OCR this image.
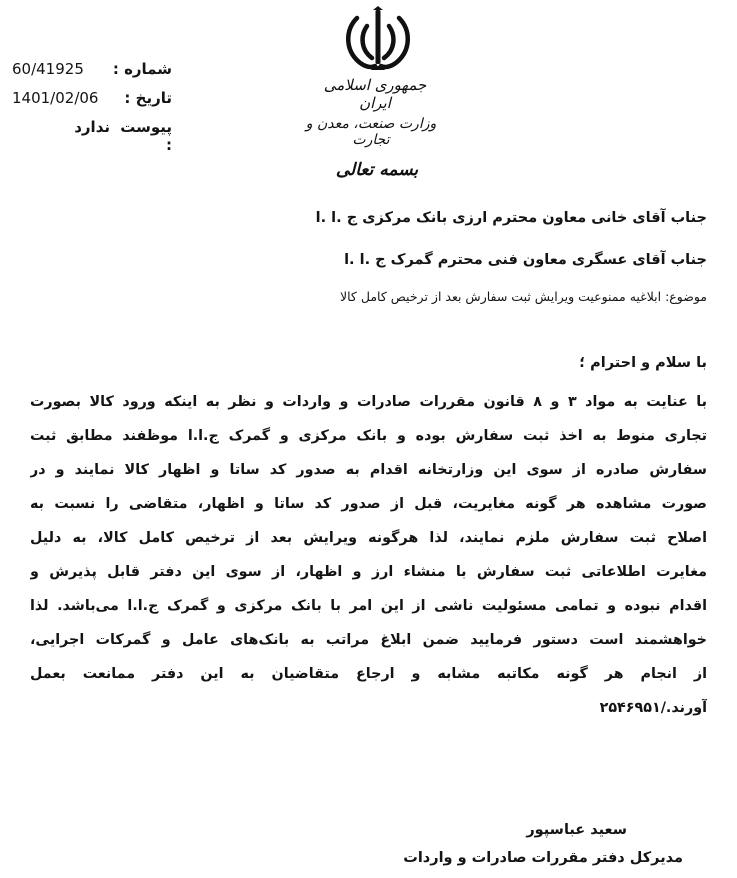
شماره :
60/41925
تاریخ :
1401/02/06
پیوست :
ندارد
جمهوری اسلامی ایران
وزارت صنعت، معدن و تجارت
بسمه تعالی
جناب آقای خانی معاون محترم ارزی بانک مرکزی ج .ا .ا
جناب آقای عسگری معاون فنی محترم گمرک ج .ا .ا
موضوع: ابلاغیه ممنوعیت ویرایش ثبت سفارش بعد از ترخیص کامل کالا
با سلام و احترام ؛
با عنایت به مواد ۳ و ۸ قانون مقررات صادرات و واردات و نظر به اینکه ورود کالا بصورت
تجاری منوط به اخذ ثبت سفارش بوده و بانک مرکزی و گمرک ج.ا.ا موظفند مطابق ثبت
سفارش صادره از سوی این وزارتخانه اقدام به صدور کد ساتا و اظهار کالا نمایند و در
صورت مشاهده هر گونه مغایریت، قبل از صدور کد ساتا و اظهار، متقاضی را نسبت به
اصلاح ثبت سفارش ملزم نمایند، لذا هرگونه ویرایش بعد از ترخیص کامل کالا، به دلیل
مغایرت اطلاعاتی ثبت سفارش با منشاء ارز و اظهار، از سوی این دفتر قابل پذیرش و
اقدام نبوده و تمامی مسئولیت ناشی از این امر با بانک مرکزی و گمرک ج.ا.ا می‌باشد. لذا
خواهشمند است دستور فرمایید ضمن ابلاغ مراتب به بانک‌های عامل و گمرکات اجرایی،
از انجام هر گونه مکاتبه مشابه و ارجاع متقاضیان به این دفتر ممانعت بعمل
آورند./۲۵۴۶۹۵۱
سعید عباسپور
مدیرکل دفتر مقررات صادرات و واردات
